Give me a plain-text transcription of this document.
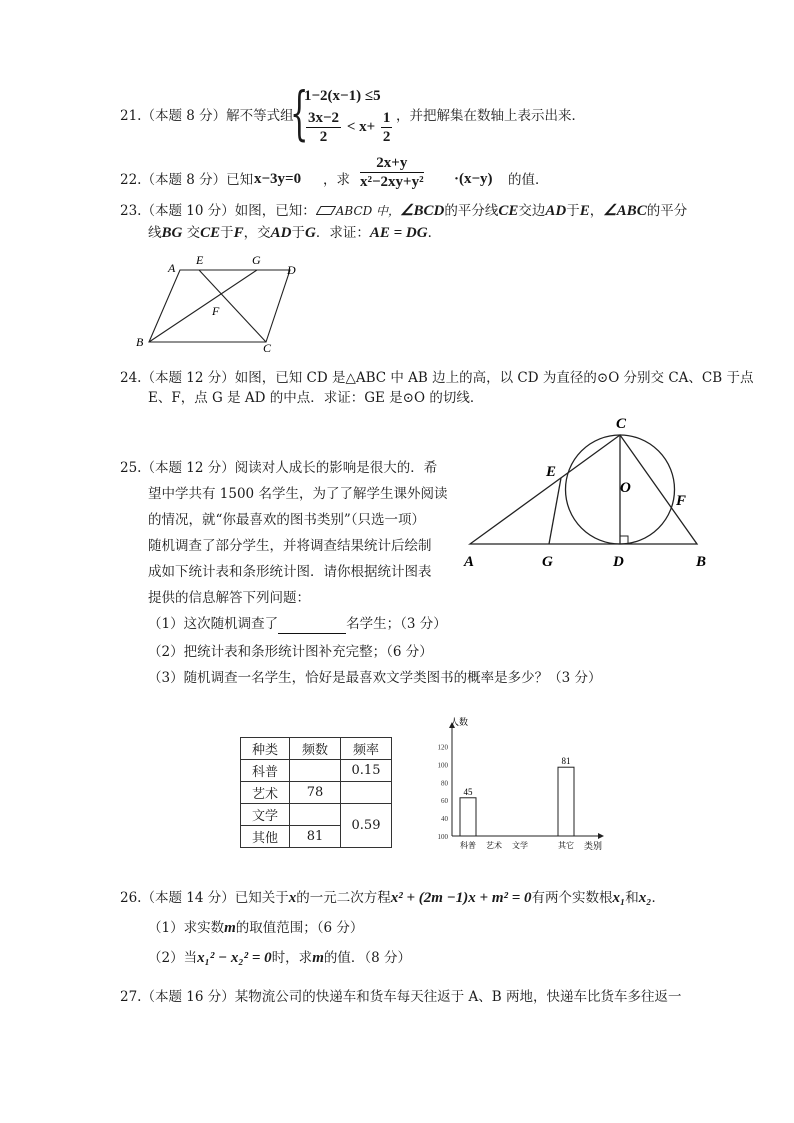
21.（本题 8 分）解不等式组
{
1−2(x−1) ≤5
$\frac{3x-2}{2} < x+ \frac{1}{2}$ ，并把解集在数轴上表示出来．
22.（本题 8 分）已知 x−3y=0 ，求 $\frac{2x+y}{\text{x²−2xy+y²}} \cdot(x-y)$ 的值．
23.（本题 10 分）如图，已知： ABCD 中，∠BCD的平分线CE交边AD于E，∠ABC的平分
线BG 交CE于F，交AD于G．求证：AE = DG．
A
E	G
D
F
B	C
24.（本题 12 分）如图，已知 CD 是△ABC 中 AB 边上的高，以 CD 为直径的⊙O 分别交 CA、CB 于点
E、F，点 G 是 AD 的中点．求证：GE 是⊙O 的切线．
C
E
O
F
A	G	D	B
25.（本题 12 分）阅读对人成长的影响是很大的．希
望中学共有 1500 名学生，为了了解学生课外阅读
的情况，就“你最喜欢的图书类别”（只选一项）
随机调查了部分学生，并将调查结果统计后绘制
成如下统计表和条形统计图．请你根据统计图表
提供的信息解答下列问题：
（1）这次随机调查了	名学生；（3 分）
（2）把统计表和条形统计图补充完整；（6 分）
（3）随机调查一名学生，恰好是最喜欢文学类图书的概率是多少？（3 分）
种类	频数	频率
科普		0.15
艺术	78	
文学		0.59
其他	81		100
40
60
80
100
120
45
81
科普 艺术 文学	其它
人数
类别
26.（本题 14 分）已知关于x的一元二次方程x² + (2m −1)x + m² = 0有两个实数根x₁和x₂．
（1）求实数m的取值范围；（6 分）
（2）当x₁² − x₂² = 0时，求m的值．（8 分）
27.（本题 16 分）某物流公司的快递车和货车每天往返于 A、B 两地，快递车比货车多往返一
